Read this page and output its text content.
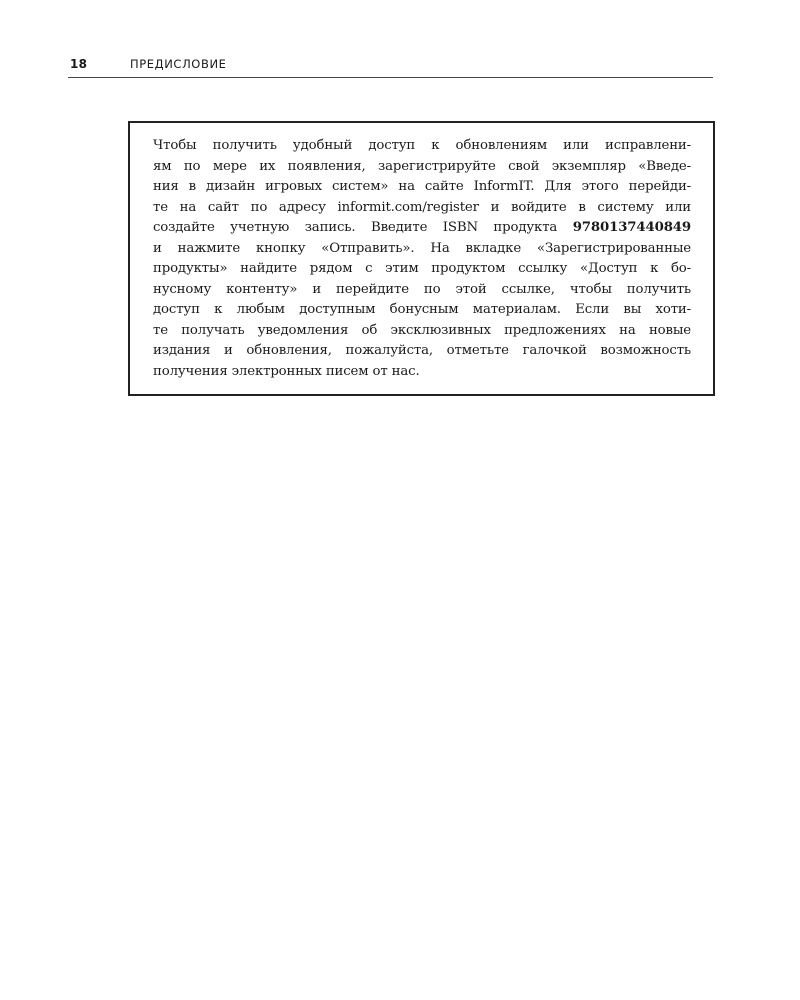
18	ПРЕДИСЛОВИЕ
Чтобы получить удобный доступ к обновлениям или исправлени-
ям по мере их появления, зарегистрируйте свой экземпляр «Введе-
ния в дизайн игровых систем» на сайте InformIT. Для этого перейди-
те на сайт по адресу informit.com/register и войдите в систему или
создайте учетную запись. Введите ISBN продукта 9780137440849
и нажмите кнопку «Отправить». На вкладке «Зарегистрированные
продукты» найдите рядом с этим продуктом ссылку «Доступ к бо-
нусному контенту» и перейдите по этой ссылке, чтобы получить
доступ к любым доступным бонусным материалам. Если вы хоти-
те получать уведомления об эксклюзивных предложениях на новые
издания и обновления, пожалуйста, отметьте галочкой возможность
получения электронных писем от нас.
